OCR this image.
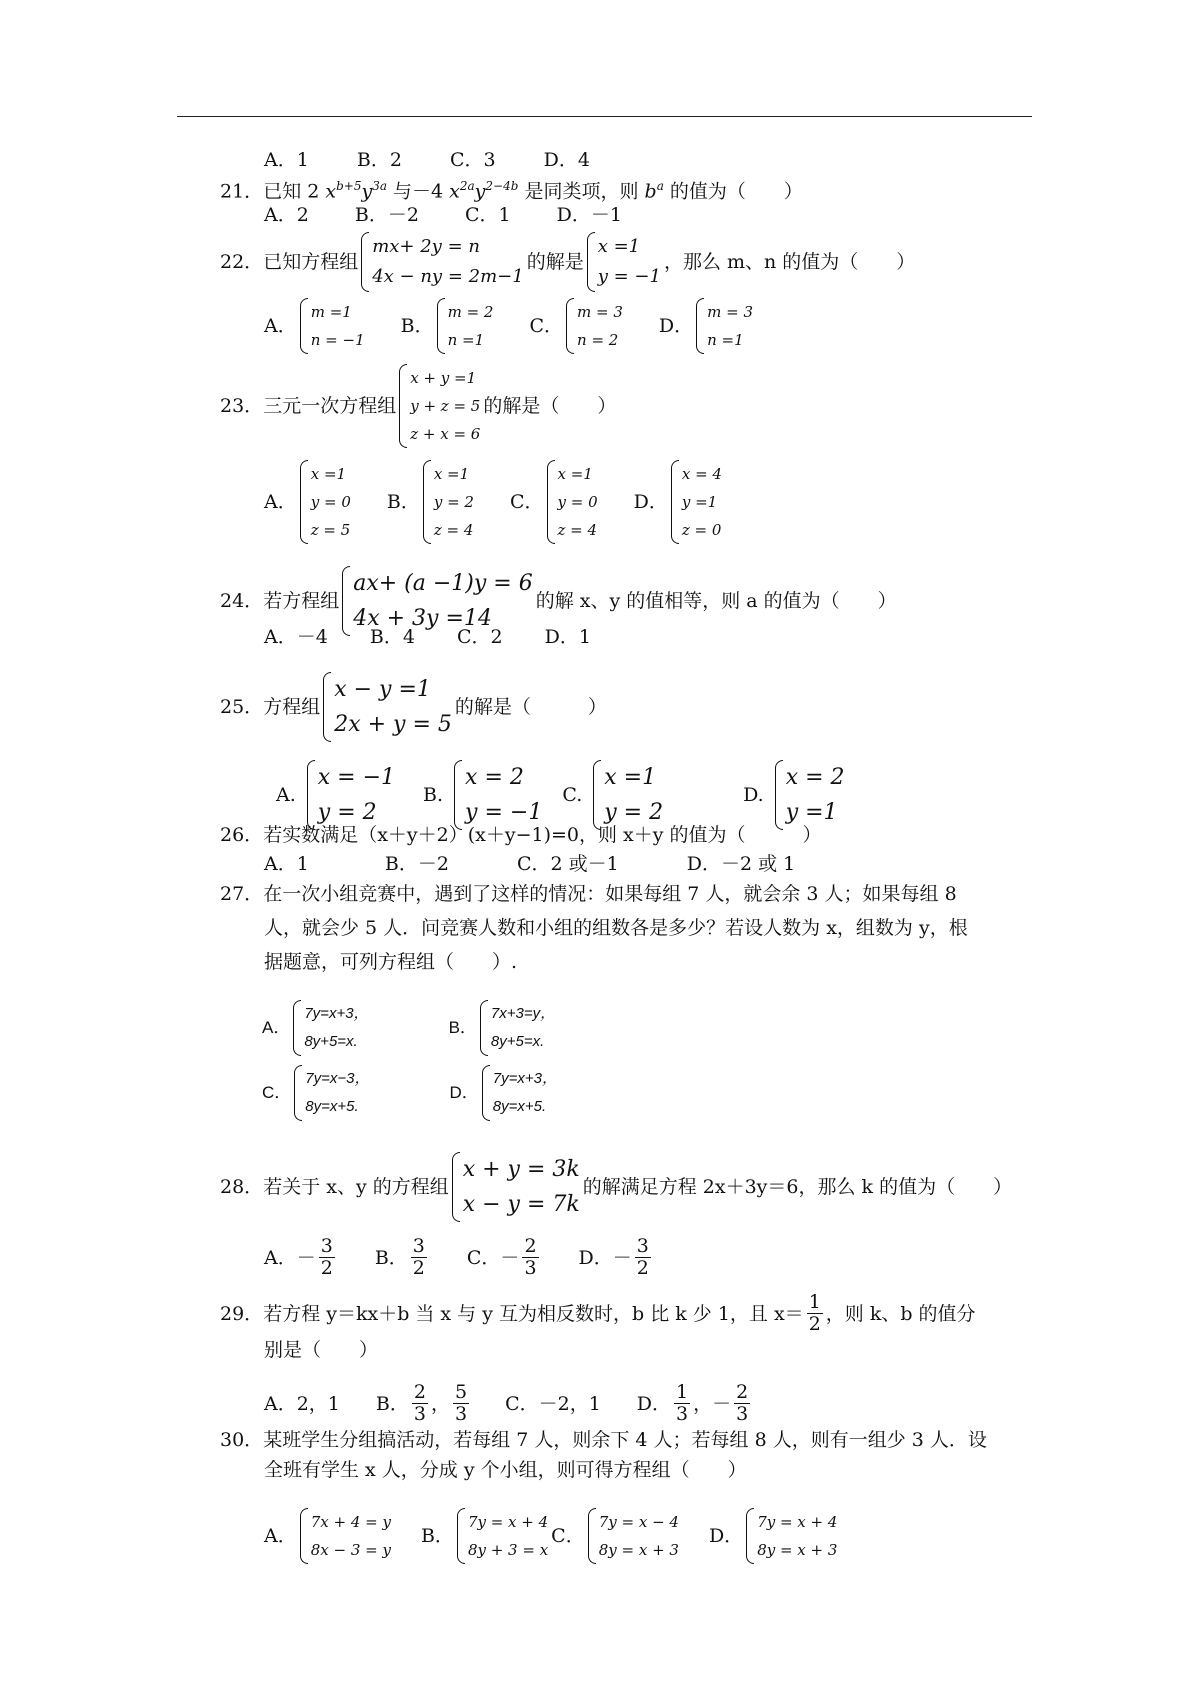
A．1	B．2	C．3	D．4
21．已知 2 $x^{b+5}y^{3a}$ 与－4 $x^{2a}y^{2-4b}$ 是同类项，则 $b^a$ 的值为（　　）
A．2 B．－2 C．1 D．－1
22． 已知方程组
mx+ 2y = n
4x − ny = 2m−1
的解是
x =1
y = −1
，那么 m、n 的值为（　　）
A．
m =1
n = −1
B．
m = 2
n =1
C．
m = 3
n = 2
D．
m = 3
n =1
23． 三元一次方程组
x + y =1
y + z = 5
z + x = 6
的解是（　　）
A．
x =1
y = 0
z = 5
B．
x =1
y = 2
z = 4
C．
x =1
y = 0
z = 4
D．
x = 4
y =1
z = 0
24． 若方程组
ax+ (a −1)y = 6
4x + 3y =14
的解 x、y 的值相等，则 a 的值为（　　）
A．－4 B．4 C．2 D．1
25． 方程组
x − y =1
2x + y = 5
的解是（　　　）
A.
x = −1
y = 2
B.
x = 2
y = −1
C.
x =1
y = 2
D.
x = 2
y =1
26．若实数满足（x＋y＋2）(x＋y−1)=0，则 x＋y 的值为（　　　）
A．1	B．－2	C．2 或－1	D．－2 或 1
27．在一次小组竞赛中，遇到了这样的情况：如果每组 7 人，就会余 3 人；如果每组 8
人，就会少 5 人．问竞赛人数和小组的组数各是多少？若设人数为 x，组数为 y，根
据题意，可列方程组（　　）.
A．
7y=x+3，
8y+5=x.
B．
7x+3=y，
8y+5=x.
C．
7y=x−3，
8y=x+5.
D．
7y=x+3，
8y=x+5.
28． 若关于 x、y 的方程组
x + y = 3k
x − y = 7k
的解满足方程 2x＋3y＝6，那么 k 的值为（　　）
A．－ $\frac{3}{2}$ B． $\frac{3}{2}$ C．－ $\frac{2}{3}$ D．－ $\frac{3}{2}$
29． 若方程 y＝kx＋b 当 x 与 y 互为相反数时，b 比 k 少 1，且 $x= \frac{1}{2}$ ，则 k、b 的值分
别是（　　）
A．2，1 B． $\frac{2}{3}$ ， $\frac{5}{3}$ C．－2，1 D． $\frac{1}{3}$ ，－ $\frac{2}{3}$
30．某班学生分组搞活动，若每组 7 人，则余下 4 人；若每组 8 人，则有一组少 3 人．设
全班有学生 x 人，分成 y 个小组，则可得方程组（　　）
A．
7x + 4 = y
8x − 3 = y
B．
7y = x + 4
8y + 3 = x
C．
7y = x − 4
8y = x + 3
D．
7y = x + 4
8y = x + 3
